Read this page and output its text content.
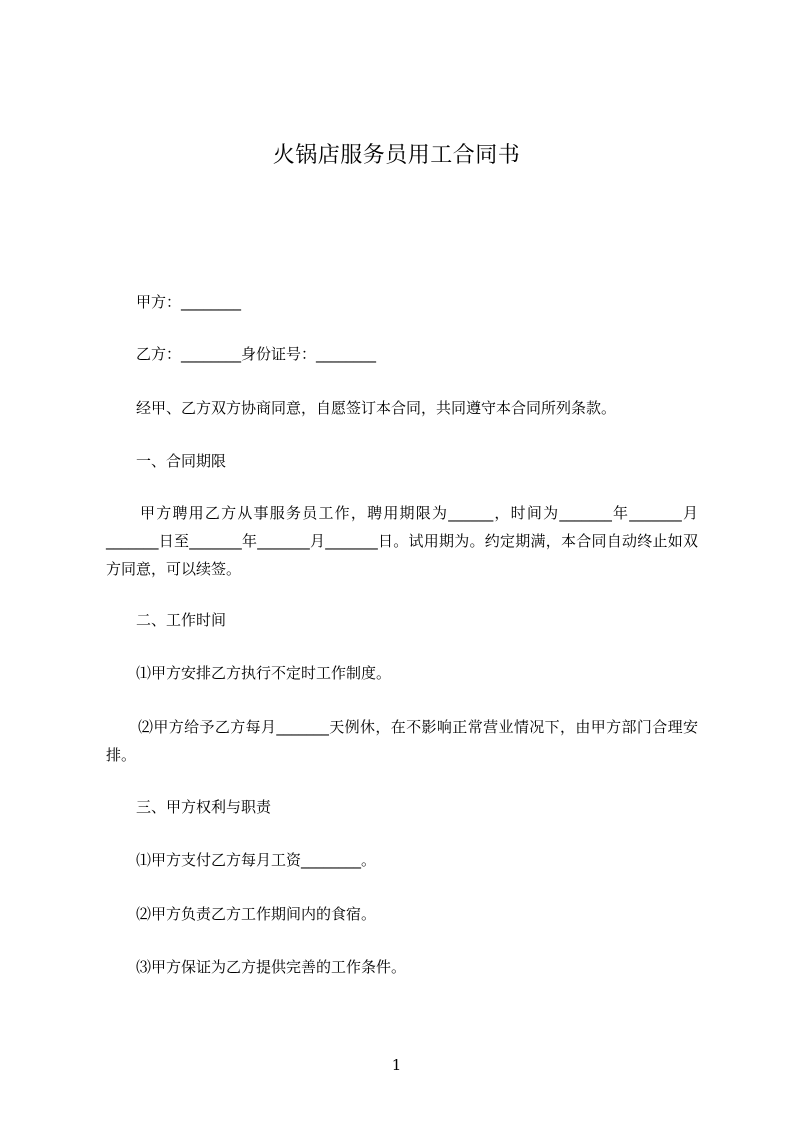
火锅店服务员用工合同书
甲方：________
乙方：________身份证号：________
经甲、乙方双方协商同意，自愿签订本合同，共同遵守本合同所列条款。
一、合同期限
甲方聘用乙方从事服务员工作，聘用期限为______，时间为_______年_______月_______日至_______年_______月_______日。试用期为。约定期满，本合同自动终止如双方同意，可以续签。
二、工作时间
⑴甲方安排乙方执行不定时工作制度。
⑵甲方给予乙方每月_______天例休，在不影响正常营业情况下，由甲方部门合理安排。
三、甲方权利与职责
⑴甲方支付乙方每月工资________。
⑵甲方负责乙方工作期间内的食宿。
⑶甲方保证为乙方提供完善的工作条件。
1
